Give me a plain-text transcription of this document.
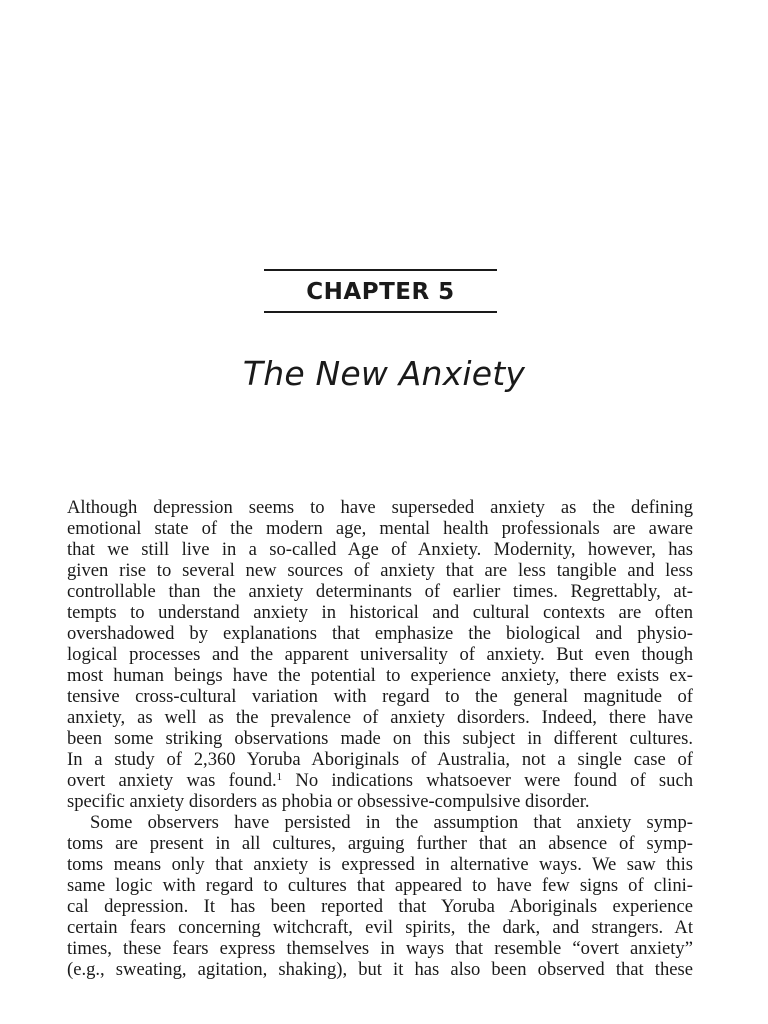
CHAPTER 5
The New Anxiety
Although depression seems to have superseded anxiety as the defining
emotional state of the modern age, mental health professionals are aware
that we still live in a so-called Age of Anxiety. Modernity, however, has
given rise to several new sources of anxiety that are less tangible and less
controllable than the anxiety determinants of earlier times. Regrettably, at-
tempts to understand anxiety in historical and cultural contexts are often
overshadowed by explanations that emphasize the biological and physio-
logical processes and the apparent universality of anxiety. But even though
most human beings have the potential to experience anxiety, there exists ex-
tensive cross-cultural variation with regard to the general magnitude of
anxiety, as well as the prevalence of anxiety disorders. Indeed, there have
been some striking observations made on this subject in different cultures.
In a study of 2,360 Yoruba Aboriginals of Australia, not a single case of
overt anxiety was found.$^1$ No indications whatsoever were found of such
specific anxiety disorders as phobia or obsessive-compulsive disorder.
Some observers have persisted in the assumption that anxiety symp-
toms are present in all cultures, arguing further that an absence of symp-
toms means only that anxiety is expressed in alternative ways. We saw this
same logic with regard to cultures that appeared to have few signs of clini-
cal depression. It has been reported that Yoruba Aboriginals experience
certain fears concerning witchcraft, evil spirits, the dark, and strangers. At
times, these fears express themselves in ways that resemble “overt anxiety”
(e.g., sweating, agitation, shaking), but it has also been observed that these
